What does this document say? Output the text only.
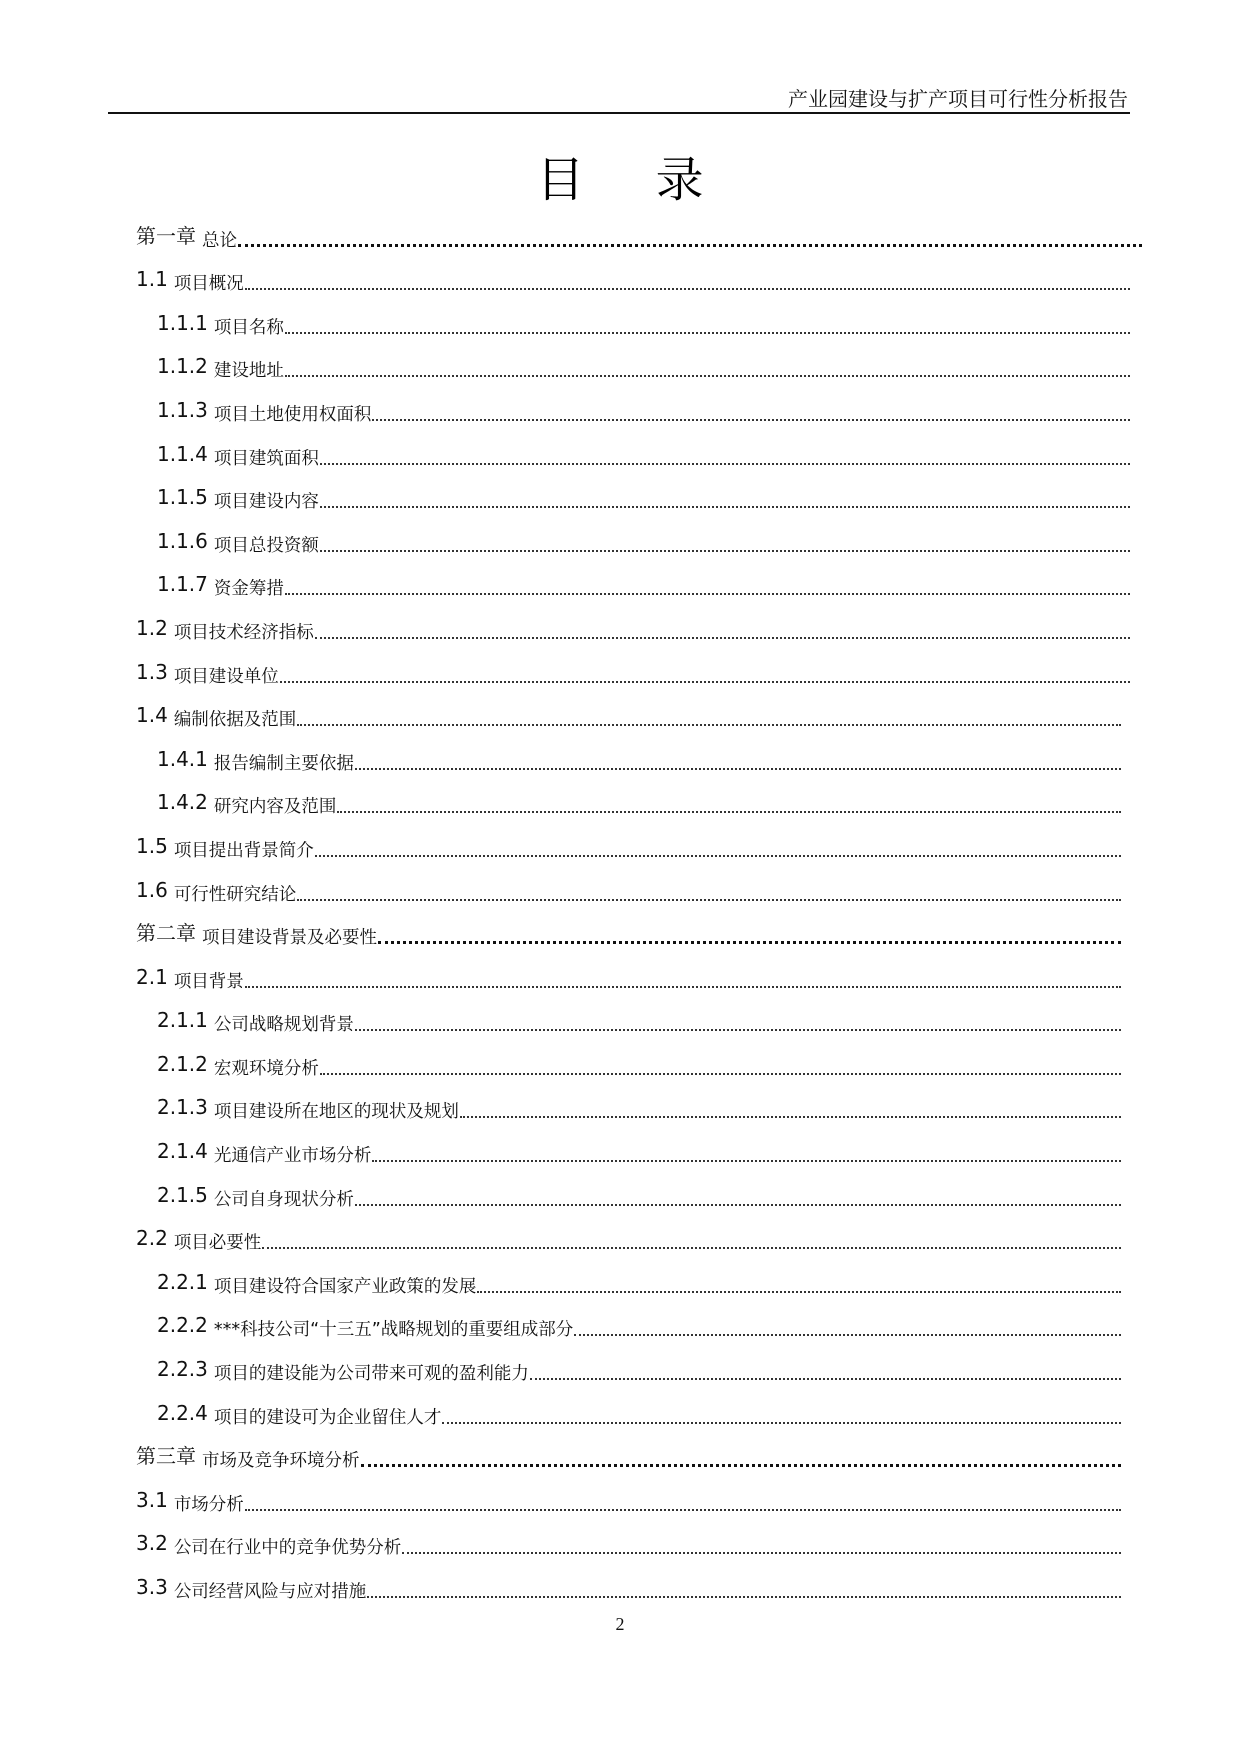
产业园建设与扩产项目可行性分析报告
目 录
第一章 总论
1.1 项目概况
1.1.1 项目名称
1.1.2 建设地址
1.1.3 项目土地使用权面积
1.1.4 项目建筑面积
1.1.5 项目建设内容
1.1.6 项目总投资额
1.1.7 资金筹措
1.2 项目技术经济指标
1.3 项目建设单位
1.4 编制依据及范围
1.4.1 报告编制主要依据
1.4.2 研究内容及范围
1.5 项目提出背景简介
1.6 可行性研究结论
第二章 项目建设背景及必要性
2.1 项目背景
2.1.1 公司战略规划背景
2.1.2 宏观环境分析
2.1.3 项目建设所在地区的现状及规划
2.1.4 光通信产业市场分析
2.1.5 公司自身现状分析
2.2 项目必要性
2.2.1 项目建设符合国家产业政策的发展
2.2.2 ***科技公司“十三五”战略规划的重要组成部分
2.2.3 项目的建设能为公司带来可观的盈利能力
2.2.4 项目的建设可为企业留住人才
第三章 市场及竞争环境分析
3.1 市场分析
3.2 公司在行业中的竞争优势分析
3.3 公司经营风险与应对措施
2
